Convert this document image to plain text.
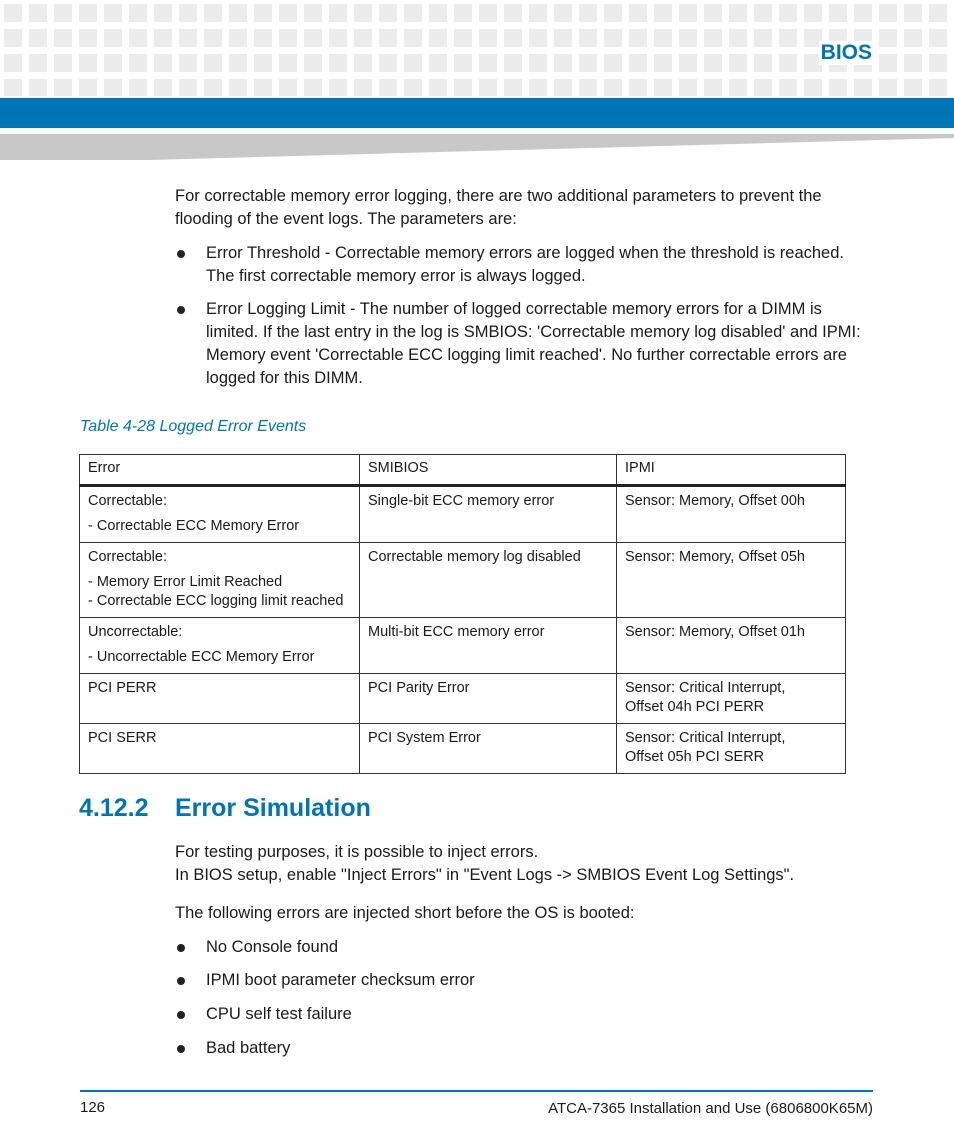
BIOS

For correctable memory error logging, there are two additional parameters to prevent the flooding of the event logs. The parameters are:

Error Threshold - Correctable memory errors are logged when the threshold is reached. The first correctable memory error is always logged.
Error Logging Limit - The number of logged correctable memory errors for a DIMM is limited. If the last entry in the log is SMBIOS: 'Correctable memory log disabled' and IPMI: Memory event 'Correctable ECC logging limit reached'. No further correctable errors are logged for this DIMM.
Table 4-28 Logged Error Events
Error	SMIBIOS	IPMI

Correctable:
- Correctable ECC Memory Error	Single-bit ECC memory error	Sensor: Memory, Offset 00h

Correctable:
- Memory Error Limit Reached
- Correctable ECC logging limit reached	Correctable memory log disabled	Sensor: Memory, Offset 05h

Uncorrectable:
- Uncorrectable ECC Memory Error	Multi-bit ECC memory error	Sensor: Memory, Offset 01h
PCI PERR	PCI Parity Error	Sensor: Critical Interrupt,
Offset 04h PCI PERR

PCI SERR	PCI System Error	Sensor: Critical Interrupt,
Offset 05h PCI SERR
4.12.2 Error Simulation

For testing purposes, it is possible to inject errors.

In BIOS setup, enable "Inject Errors" in "Event Logs -> SMBIOS Event Log Settings".

The following errors are injected short before the OS is booted:

No Console found
IPMI boot parameter checksum error
CPU self test failure
Bad battery
126	ATCA-7365 Installation and Use (6806800K65M)
